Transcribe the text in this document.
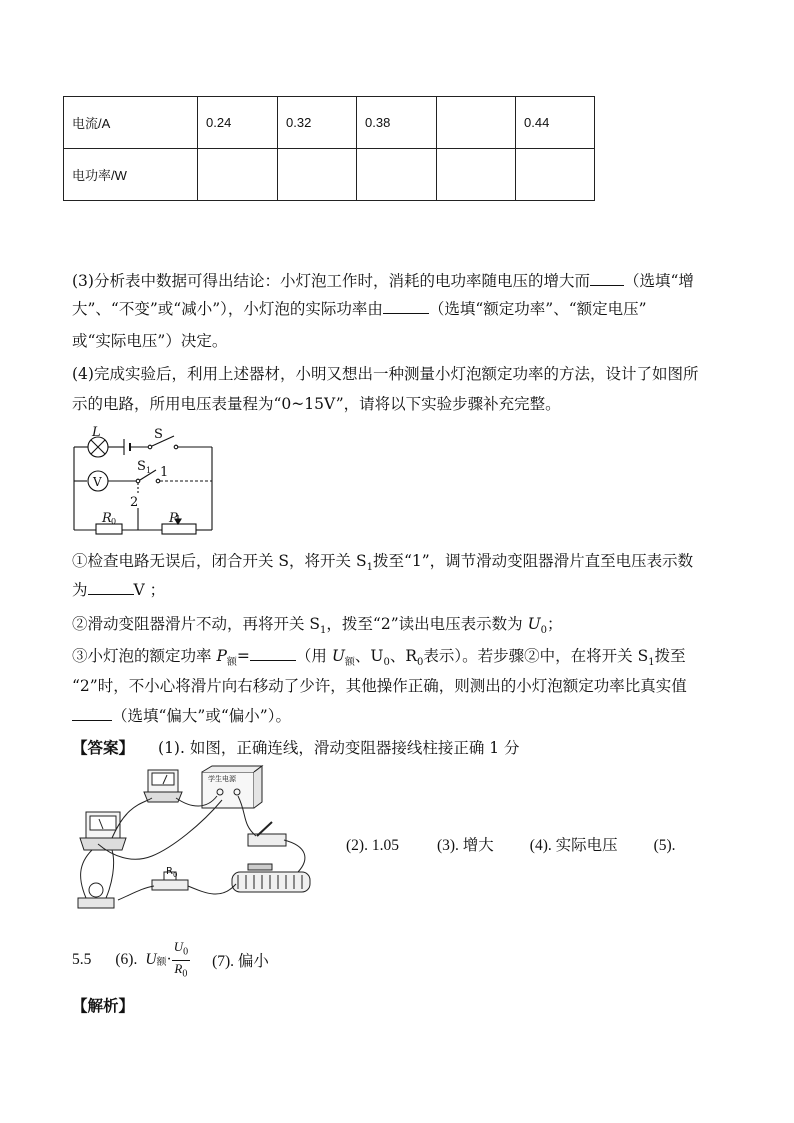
电流/A	0.24	0.32	0.38		0.44
电功率/W					
(3)分析表中数据可得出结论：小灯泡工作时，消耗的电功率随电压的增大而 （选填“增
大”、“不变”或“减小”），小灯泡的实际功率由	（选填“额定功率”、“额定电压”
或“实际电压”）决定。
(4)完成实验后，利用上述器材，小明又想出一种测量小灯泡额定功率的方法，设计了如图所
示的电路，所用电压表量程为“0~15V”，请将以下实验步骤补充完整。
L	S
V
S 1 1
2
R 0	P
①检查电路无误后，闭合开关 S，将开关 $S_1$拨至“1”，调节滑动变阻器滑片直至电压表示数
为	V ；
②滑动变阻器滑片不动，再将开关 $S_1$，拨至“2”读出电压表示数为 $U_0$；
③小灯泡的额定功率 $P_额=$	（用 $U_额$、$U_0$、$R_0$表示）。若步骤②中，在将开关 $S_1$拨至
“2”时，不小心将滑片向右移动了少许，其他操作正确，则测出的小灯泡额定功率比真实值
（选填“偏大”或“偏小”）。
【答案】 (1). 如图，正确连线，滑动变阻器接线柱接正确 1 分
R 0
学生电源
(2). 1.05 (3). 增大 (4). 实际电压 (5).
5.5 (6). U 额 · $\frac{U_0}{R_0} (7)$. 偏小
【解析】
